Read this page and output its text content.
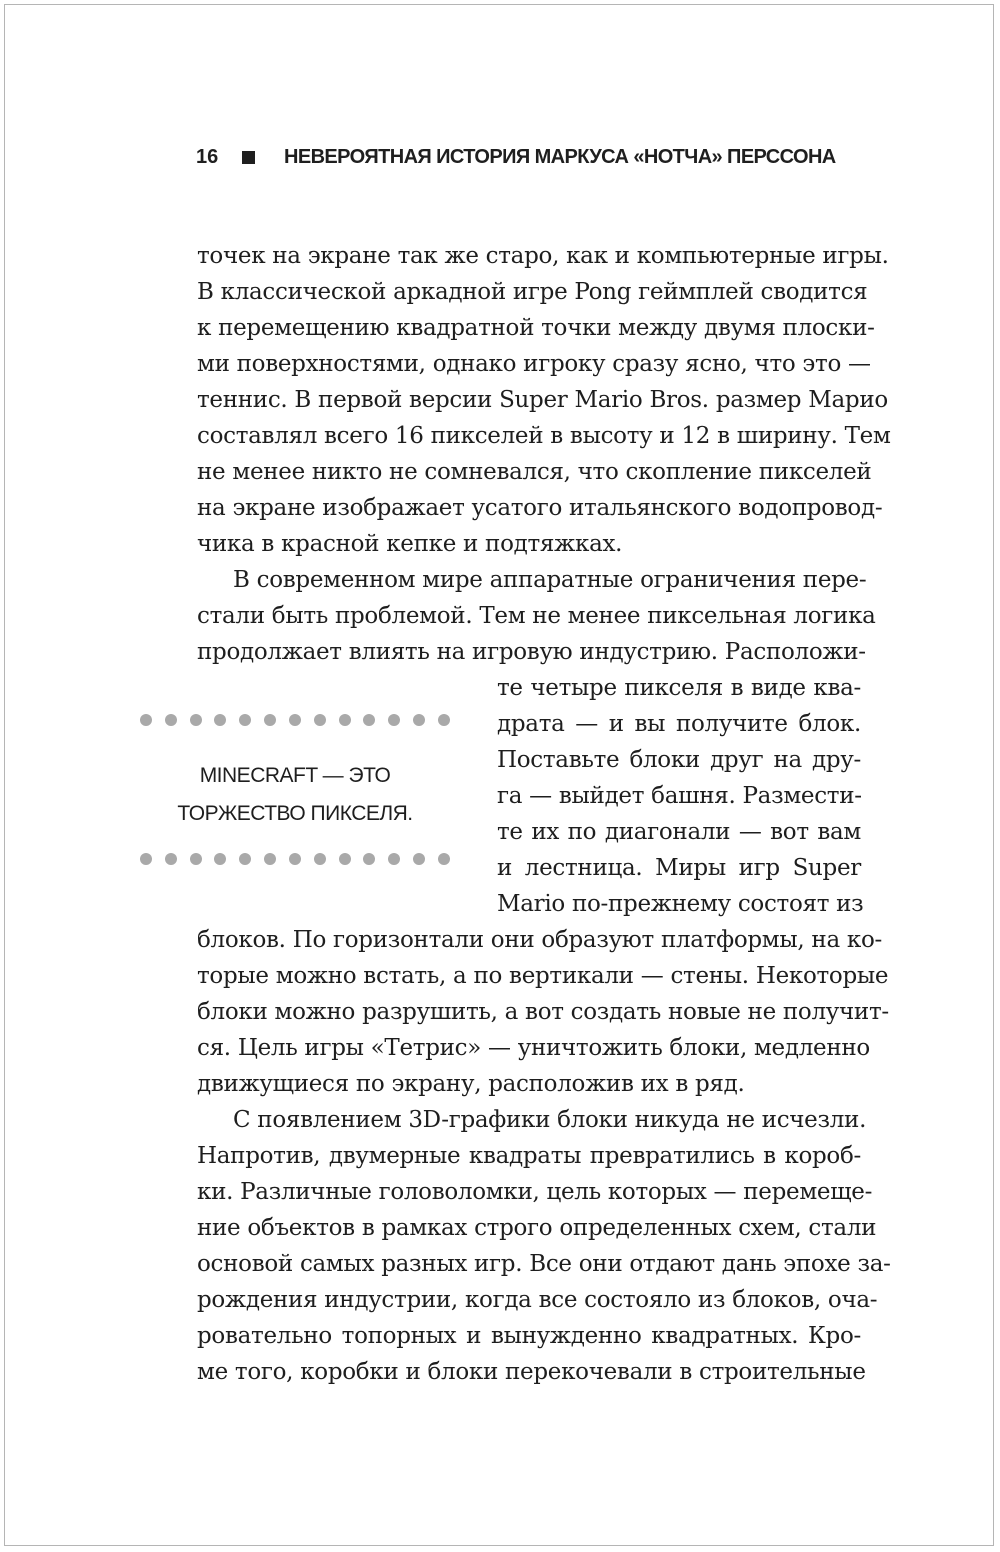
16	НЕВЕРОЯТНАЯ ИСТОРИЯ МАРКУСА «НОТЧА» ПЕРССОНА
точек на экране так же старо, как и компьютерные игры.
В классической аркадной игре Pong геймплей сводится
к перемещению квадратной точки между двумя плоски-
ми поверхностями, однако игроку сразу ясно, что это —
теннис. В первой версии Super Mario Bros. размер Марио
составлял всего 16 пикселей в высоту и 12 в ширину. Тем
не менее никто не сомневался, что скопление пикселей
на экране изображает усатого итальянского водопровод-
чика в красной кепке и подтяжках.
В современном мире аппаратные ограничения пере-
стали быть проблемой. Тем не менее пиксельная логика
продолжает влиять на игровую индустрию. Расположи-
те четыре пикселя в виде ква-
драта — и вы получите блок.
Поставьте блоки друг на дру-
га — выйдет башня. Размести-
те их по диагонали — вот вам
и лестница. Миры игр Super
Mario по-прежнему состоят из
блоков. По горизонтали они образуют платформы, на ко-
торые можно встать, а по вертикали — стены. Некоторые
блоки можно разрушить, а вот создать новые не получит-
ся. Цель игры «Тетрис» — уничтожить блоки, медленно
движущиеся по экрану, расположив их в ряд.
С появлением 3D-графики блоки никуда не исчезли.
Напротив, двумерные квадраты превратились в короб-
ки. Различные головоломки, цель которых — перемеще-
ние объектов в рамках строго определенных схем, стали
основой самых разных игр. Все они отдают дань эпохе за-
рождения индустрии, когда все состояло из блоков, оча-
ровательно топорных и вынужденно квадратных. Кро-
ме того, коробки и блоки перекочевали в строительные
MINECRAFT — ЭТО
ТОРЖЕСТВО ПИКСЕЛЯ.
